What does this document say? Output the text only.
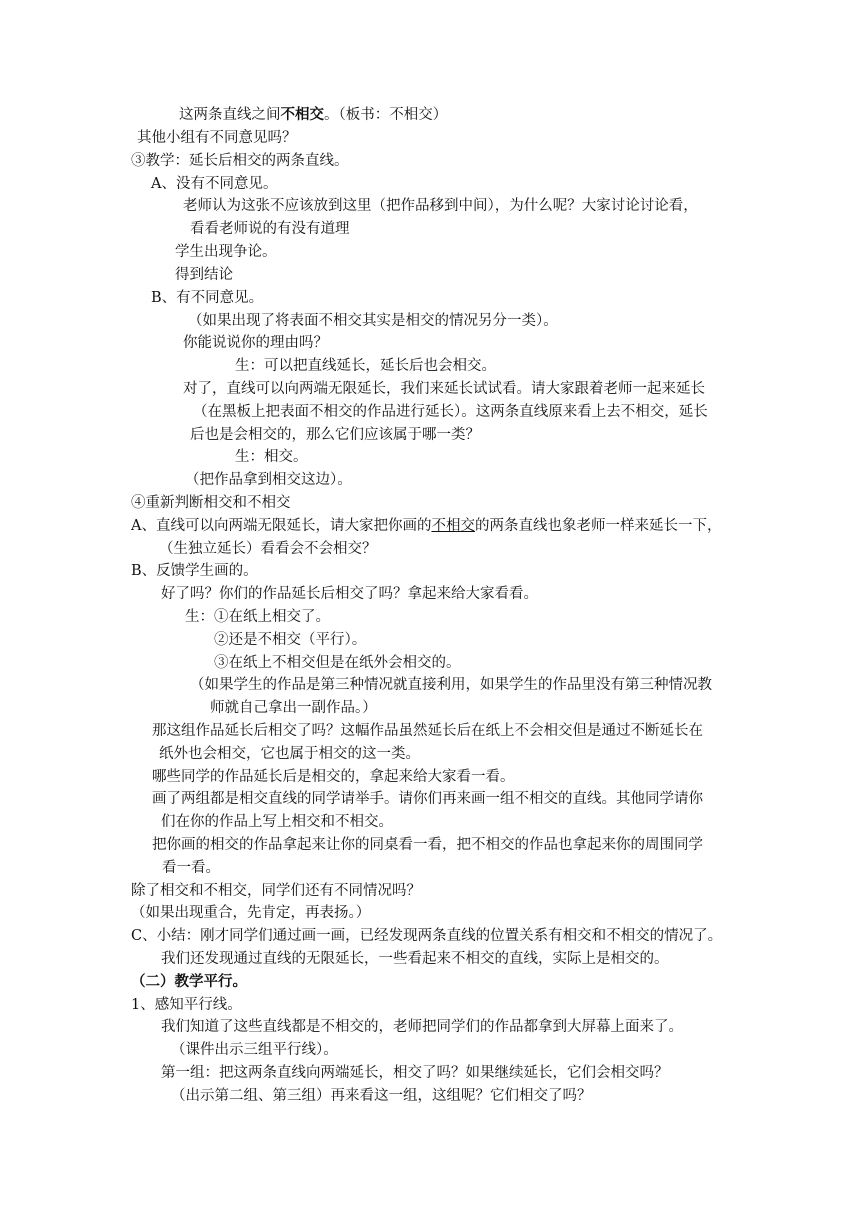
这两条直线之间不相交。（板书：不相交）
其他小组有不同意见吗？
③教学：延长后相交的两条直线。
A、没有不同意见。
老师认为这张不应该放到这里（把作品移到中间），为什么呢？大家讨论讨论看，
看看老师说的有没有道理
学生出现争论。
得到结论
B、有不同意见。
（如果出现了将表面不相交其实是相交的情况另分一类）。
你能说说你的理由吗？
生：可以把直线延长，延长后也会相交。
对了，直线可以向两端无限延长，我们来延长试试看。请大家跟着老师一起来延长
（在黑板上把表面不相交的作品进行延长）。这两条直线原来看上去不相交，延长
后也是会相交的，那么它们应该属于哪一类？
生：相交。
（把作品拿到相交这边）。
④重新判断相交和不相交
A、直线可以向两端无限延长，请大家把你画的不相交的两条直线也象老师一样来延长一下，
（生独立延长）看看会不会相交？
B、反馈学生画的。
好了吗？你们的作品延长后相交了吗？拿起来给大家看看。
生：①在纸上相交了。
②还是不相交（平行）。
③在纸上不相交但是在纸外会相交的。
（如果学生的作品是第三种情况就直接利用，如果学生的作品里没有第三种情况教
师就自己拿出一副作品。）
那这组作品延长后相交了吗？这幅作品虽然延长后在纸上不会相交但是通过不断延长在
纸外也会相交，它也属于相交的这一类。
哪些同学的作品延长后是相交的，拿起来给大家看一看。
画了两组都是相交直线的同学请举手。请你们再来画一组不相交的直线。其他同学请你
们在你的作品上写上相交和不相交。
把你画的相交的作品拿起来让你的同桌看一看，把不相交的作品也拿起来你的周围同学
看一看。
除了相交和不相交，同学们还有不同情况吗？
（如果出现重合，先肯定，再表扬。）
C、小结：刚才同学们通过画一画，已经发现两条直线的位置关系有相交和不相交的情况了。
我们还发现通过直线的无限延长，一些看起来不相交的直线，实际上是相交的。
（二）教学平行。
1、感知平行线。
我们知道了这些直线都是不相交的，老师把同学们的作品都拿到大屏幕上面来了。
（课件出示三组平行线）。
第一组：把这两条直线向两端延长，相交了吗？如果继续延长，它们会相交吗？
（出示第二组、第三组）再来看这一组，这组呢？它们相交了吗？
